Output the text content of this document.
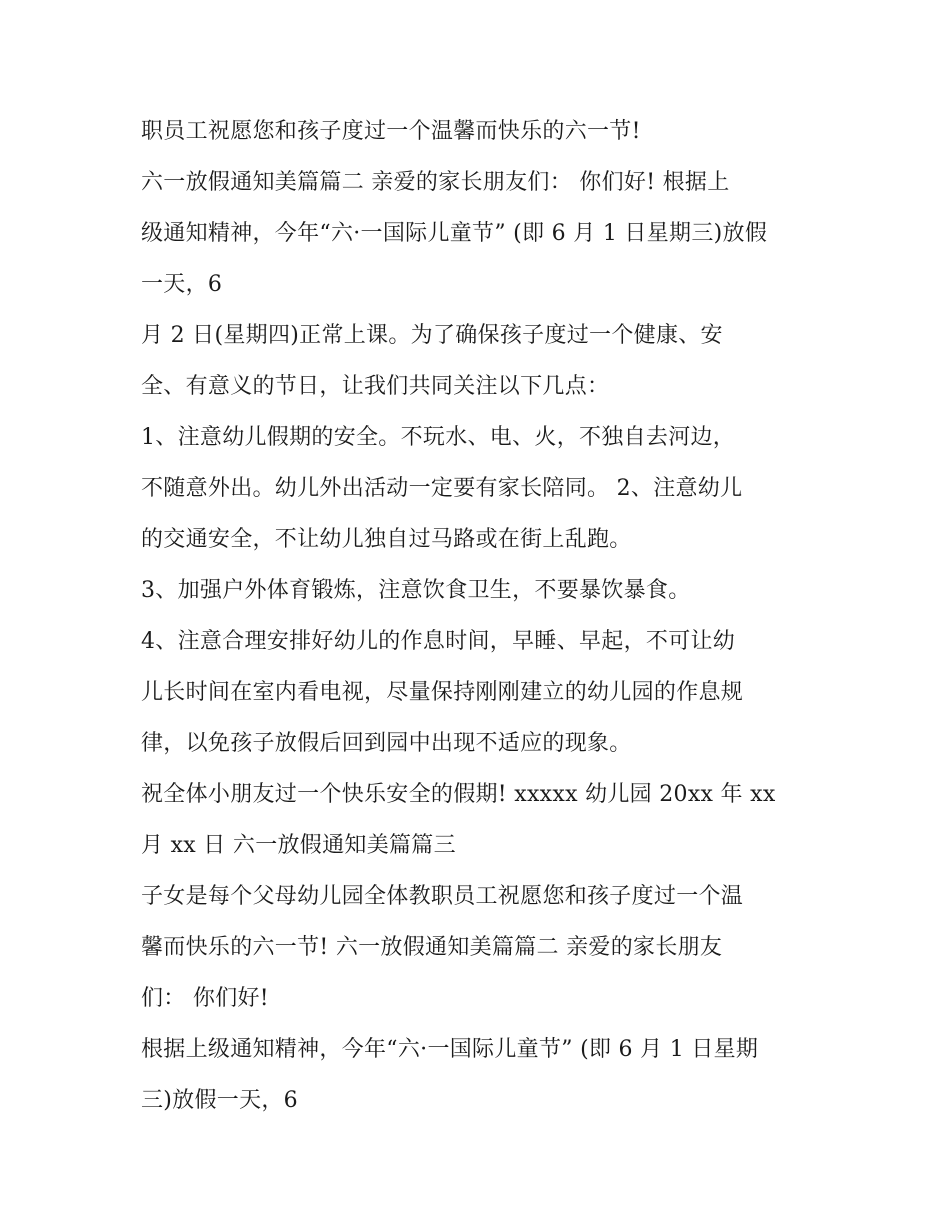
职员工祝愿您和孩子度过一个温馨而快乐的六一节!
六一放假通知美篇篇二 亲爱的家长朋友们： 你们好! 根据上
级通知精神，今年“六·一国际儿童节” (即 6 月 1 日星期三)放假
一天，6
月 2 日(星期四)正常上课。为了确保孩子度过一个健康、安
全、有意义的节日，让我们共同关注以下几点：
1、注意幼儿假期的安全。不玩水、电、火，不独自去河边，
不随意外出。幼儿外出活动一定要有家长陪同。 2、注意幼儿
的交通安全，不让幼儿独自过马路或在街上乱跑。
3、加强户外体育锻炼，注意饮食卫生，不要暴饮暴食。
4、注意合理安排好幼儿的作息时间，早睡、早起，不可让幼
儿长时间在室内看电视，尽量保持刚刚建立的幼儿园的作息规
律，以免孩子放假后回到园中出现不适应的现象。
祝全体小朋友过一个快乐安全的假期! xxxxx 幼儿园 20xx 年 xx
月 xx 日 六一放假通知美篇篇三
子女是每个父母幼儿园全体教职员工祝愿您和孩子度过一个温
馨而快乐的六一节! 六一放假通知美篇篇二 亲爱的家长朋友
们： 你们好!
根据上级通知精神，今年“六·一国际儿童节” (即 6 月 1 日星期
三)放假一天，6
